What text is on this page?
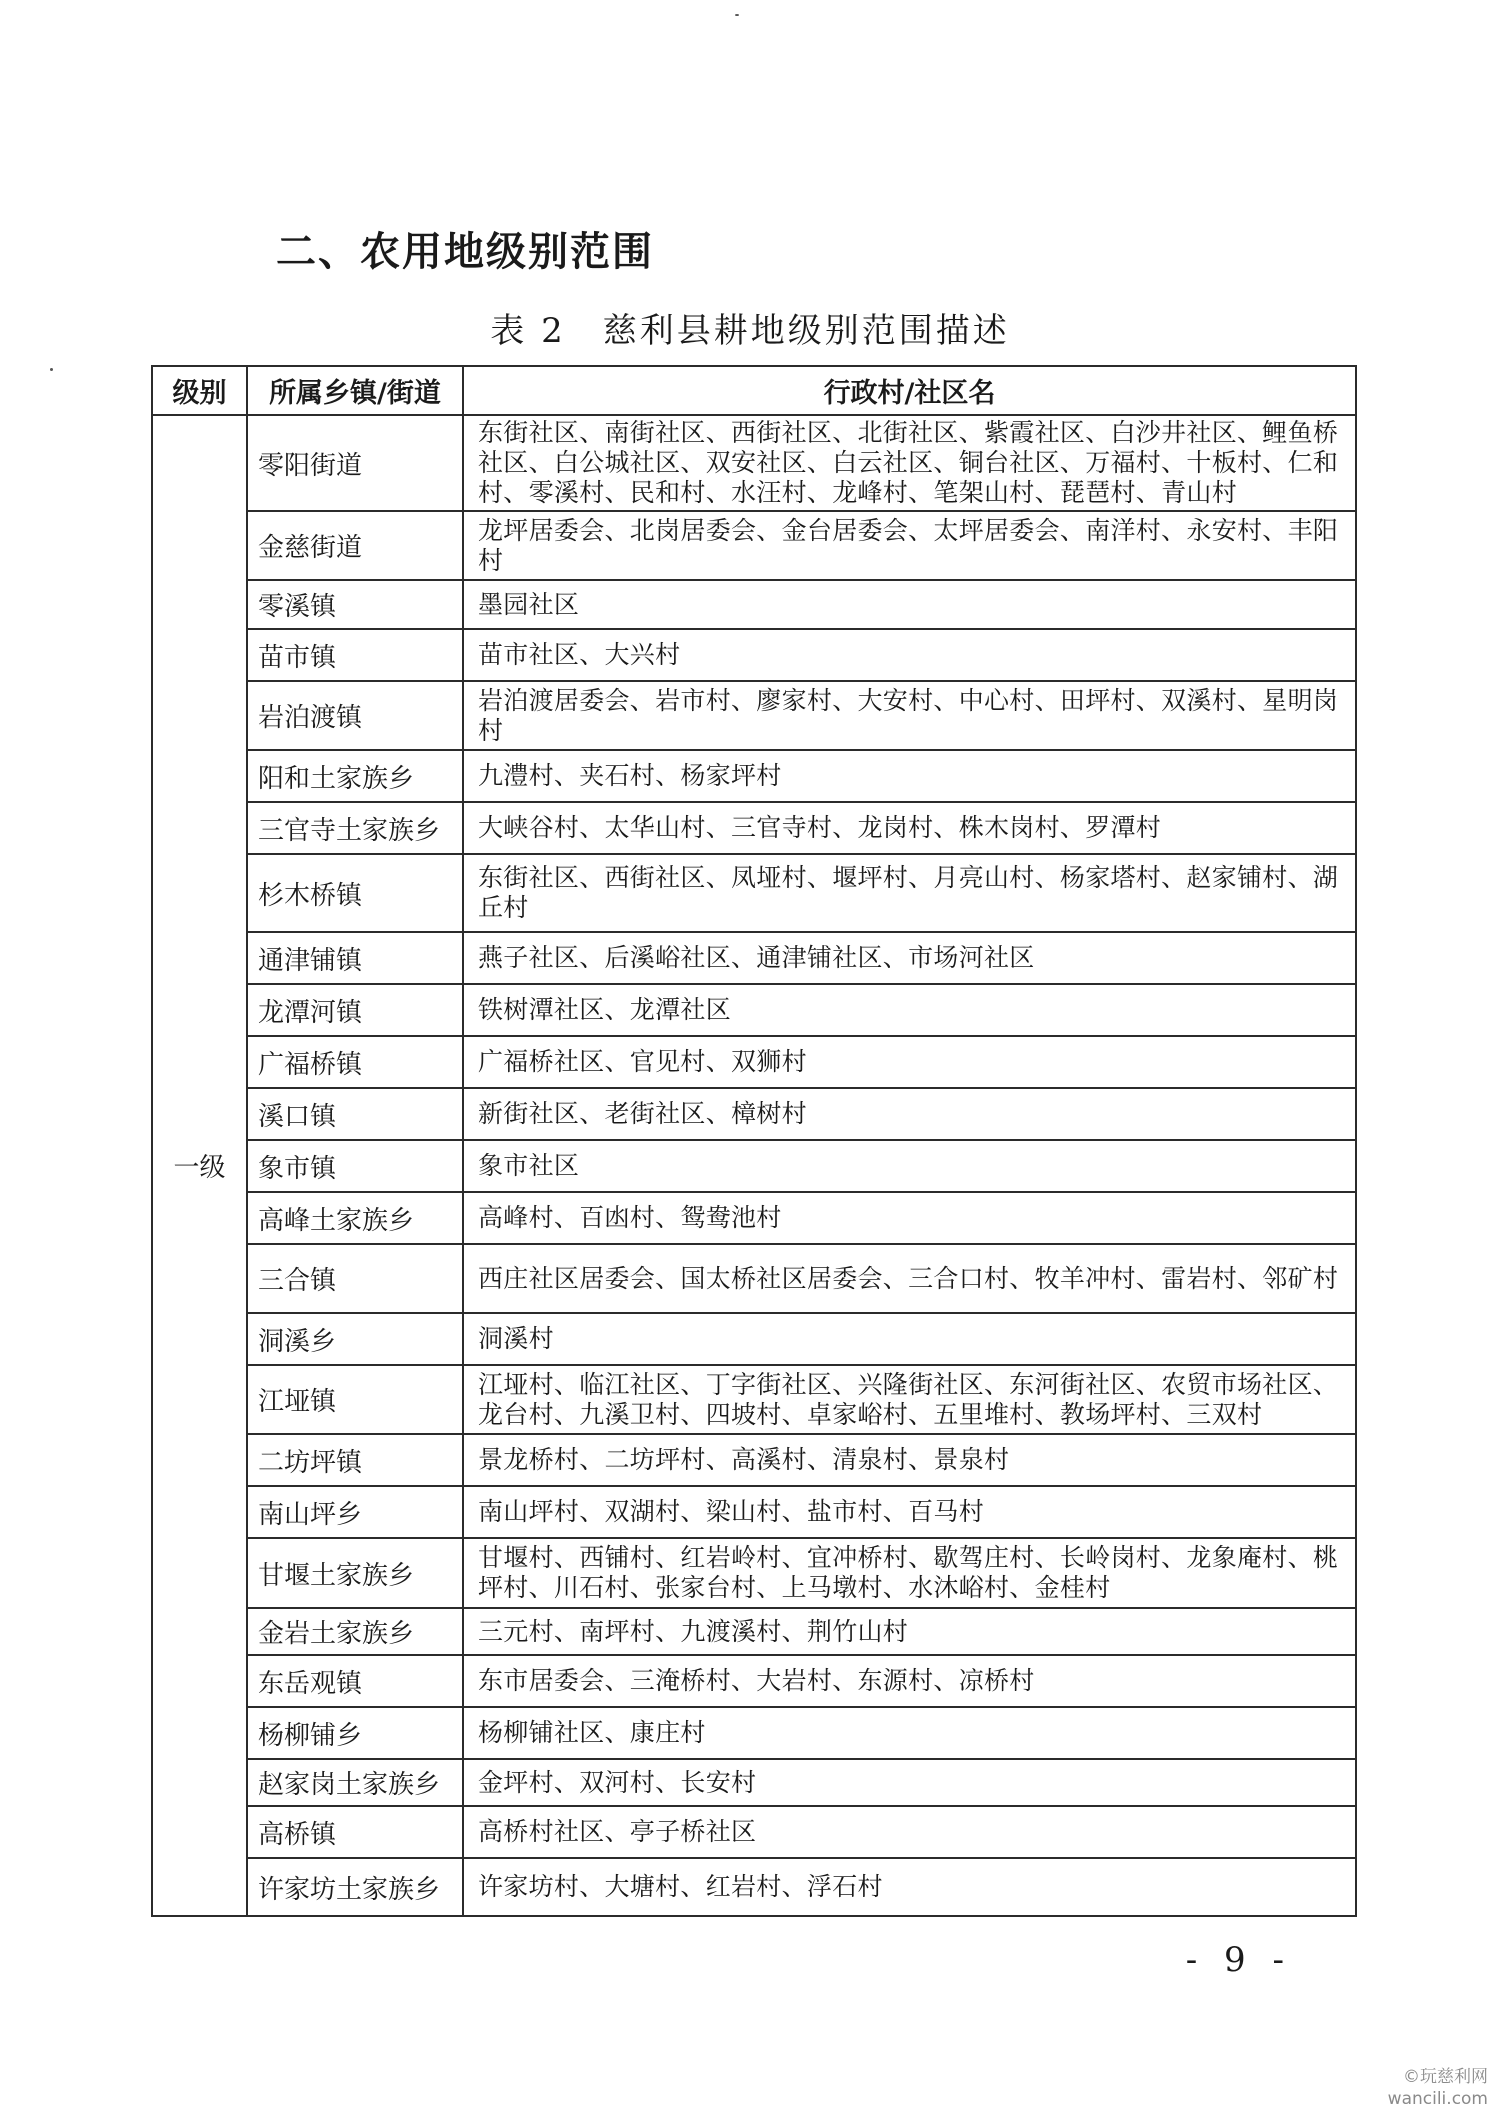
二、农用地级别范围
表 2　慈利县耕地级别范围描述
级别	所属乡镇/街道	行政村/社区名
一级	零阳街道	东街社区、南街社区、西街社区、北街社区、紫霞社区、白沙井社区、鲤鱼桥社区、白公城社区、双安社区、白云社区、铜台社区、万福村、十板村、仁和村、零溪村、民和村、水汪村、龙峰村、笔架山村、琵琶村、青山村
	金慈街道	龙坪居委会、北岗居委会、金台居委会、太坪居委会、南洋村、永安村、丰阳村
	零溪镇	墨园社区
	苗市镇	苗市社区、大兴村
	岩泊渡镇	岩泊渡居委会、岩市村、廖家村、大安村、中心村、田坪村、双溪村、星明岗村
	阳和土家族乡	九澧村、夹石村、杨家坪村
	三官寺土家族乡	大峡谷村、太华山村、三官寺村、龙岗村、株木岗村、罗潭村
	杉木桥镇	东街社区、西街社区、凤垭村、堰坪村、月亮山村、杨家塔村、赵家铺村、湖丘村
	通津铺镇	燕子社区、后溪峪社区、通津铺社区、市场河社区
	龙潭河镇	铁树潭社区、龙潭社区
	广福桥镇	广福桥社区、官见村、双狮村
	溪口镇	新街社区、老街社区、樟树村
	象市镇	象市社区
	高峰土家族乡	高峰村、百凼村、鸳鸯池村
	三合镇	西庄社区居委会、国太桥社区居委会、三合口村、牧羊冲村、雷岩村、邻矿村
	洞溪乡	洞溪村
	江垭镇	江垭村、临江社区、丁字街社区、兴隆街社区、东河街社区、农贸市场社区、龙台村、九溪卫村、四坡村、卓家峪村、五里堆村、教场坪村、三双村
	二坊坪镇	景龙桥村、二坊坪村、高溪村、清泉村、景泉村
	南山坪乡	南山坪村、双湖村、梁山村、盐市村、百马村
	甘堰土家族乡	甘堰村、西铺村、红岩岭村、宜冲桥村、歇驾庄村、长岭岗村、龙象庵村、桃坪村、川石村、张家台村、上马墩村、水沐峪村、金桂村
	金岩土家族乡	三元村、南坪村、九渡溪村、荆竹山村
	东岳观镇	东市居委会、三淹桥村、大岩村、东源村、凉桥村
	杨柳铺乡	杨柳铺社区、康庄村
	赵家岗土家族乡	金坪村、双河村、长安村
	高桥镇	高桥村社区、亭子桥社区
	许家坊土家族乡	许家坊村、大塘村、红岩村、浮石村
- 9 -
©玩慈利网
wancili.com
